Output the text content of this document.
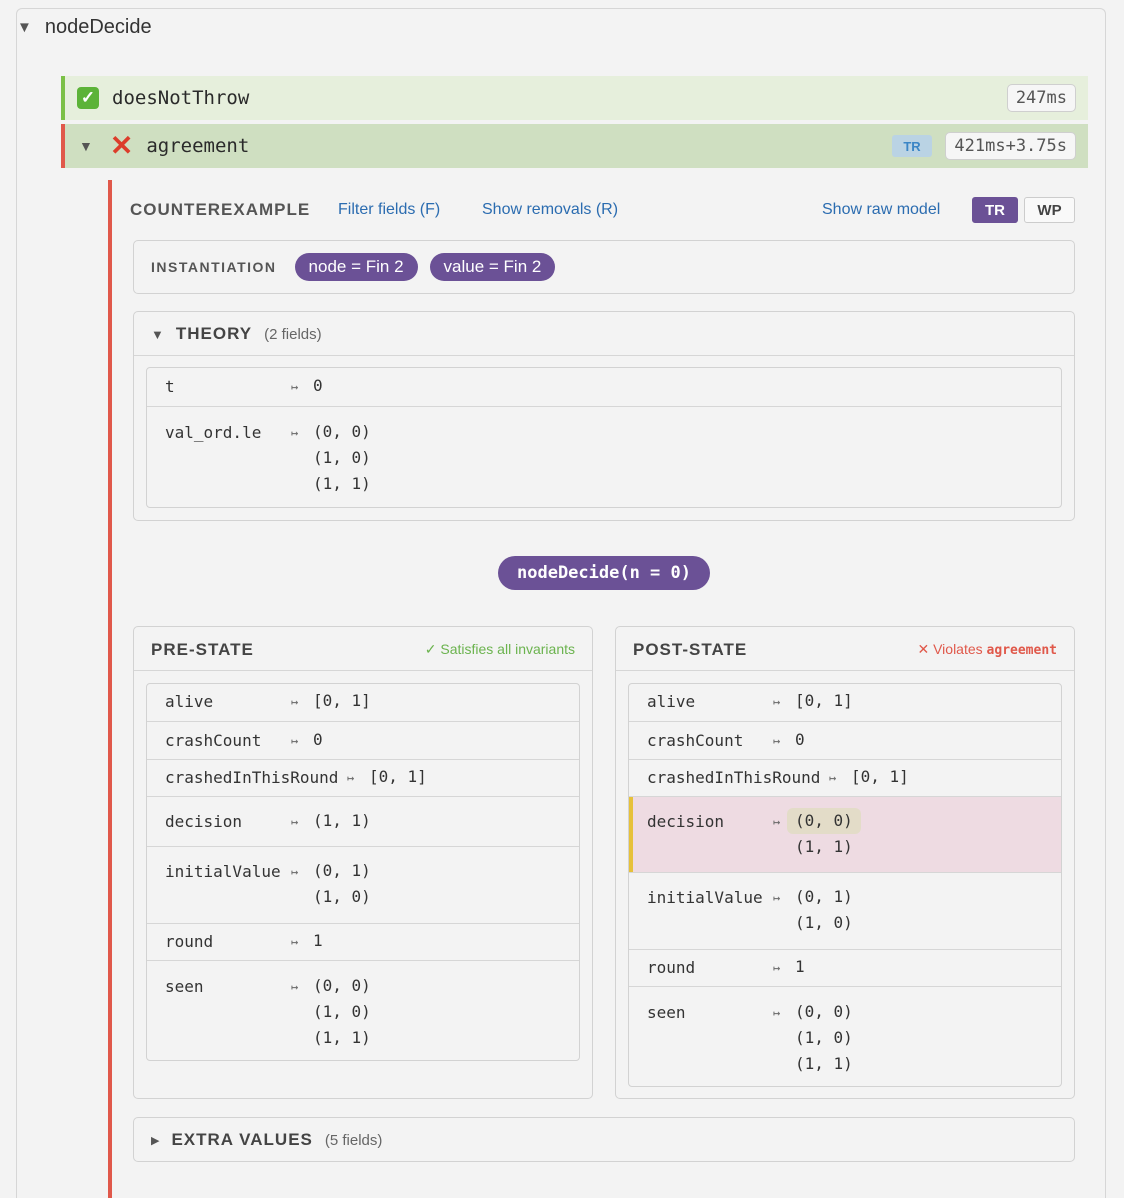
▼ nodeDecide
✓ doesNotThrow	247ms
▼ ✕ agreement	TR	421ms+3.75s
COUNTEREXAMPLE Filter fields (F)	Show removals (R)	Show raw model	TR	WP
INSTANTIATION	node = Fin 2	value = Fin 2
▼ THEORY (2 fields)
t	↦ 0
val_ord.le ↦ (0, 0)
(1, 0)
(1, 1)
nodeDecide(n = 0)
PRE-STATE	✓ Satisfies all invariants
alive	↦ [0, 1]
crashCount ↦ 0
crashedInThisRound ↦ [0, 1]
decision	↦ (1, 1)
initialValue ↦ (0, 1)
(1, 0)
round	↦ 1
seen	↦ (0, 0)
(1, 0)
(1, 1)
POST-STATE	✕ Violates agreement
alive	↦ [0, 1]
crashCount ↦ 0
crashedInThisRound ↦ [0, 1]
decision	↦ (0, 0)
(1, 1)
initialValue ↦ (0, 1)
(1, 0)
round	↦ 1
seen	↦ (0, 0)
(1, 0)
(1, 1)
▶ EXTRA VALUES (5 fields)
